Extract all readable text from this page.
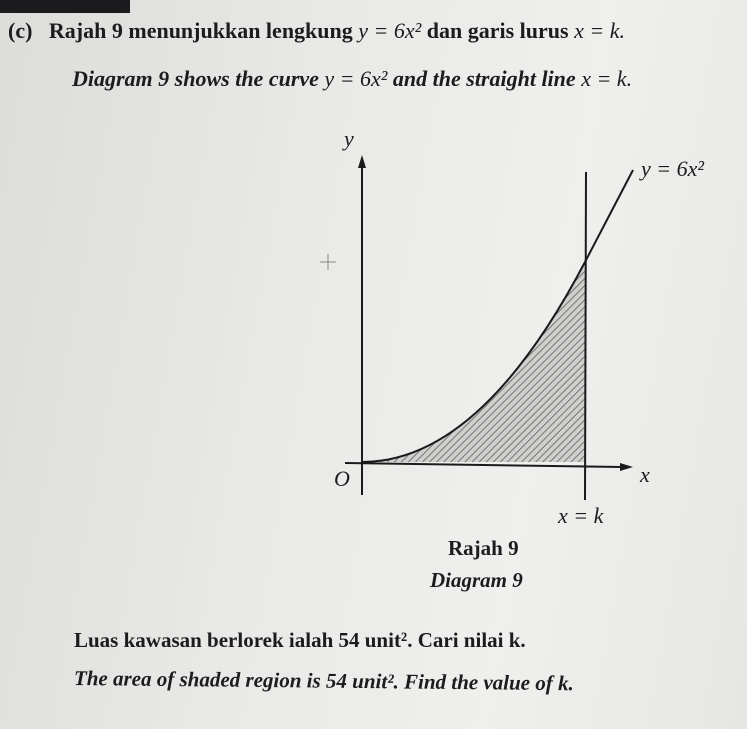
(c) Rajah 9 menunjukkan lengkung y = 6x² dan garis lurus x = k.
Diagram 9 shows the curve y = 6x² and the straight line x = k.
y
y = 6x²
O	x
x = k
Rajah 9
Diagram 9
Luas kawasan berlorek ialah 54 unit². Cari nilai k.
The area of shaded region is 54 unit². Find the value of k.
